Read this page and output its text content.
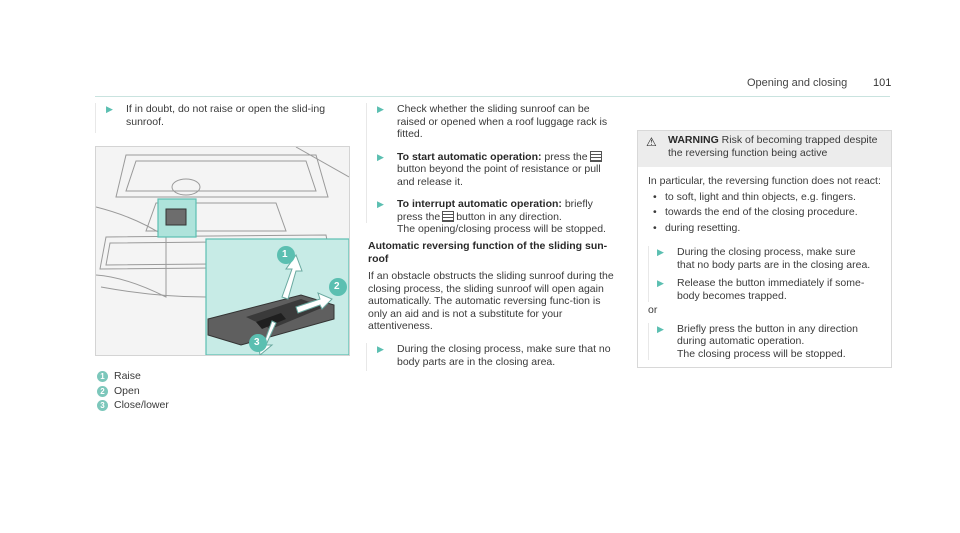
Opening and closing 101
▶	If in doubt, do not raise or open the slid-ing sunroof.
1
2
3
1 Raise
2 Open
3 Close/lower
▶	Check whether the sliding sunroof can be raised or opened when a roof luggage rack is fitted.
▶	To start automatic operation: press thebutton beyond the point of resistance or pull and release it.
▶	To interrupt automatic operation: briefly press the button in any direction.
The opening/closing process will be stopped.
Automatic reversing function of the sliding sun-roof
If an obstacle obstructs the sliding sunroof during the closing process, the sliding sunroof will open again automatically. The automatic reversing func-tion is only an aid and is not a substitute for your attentiveness.
▶	During the closing process, make sure that no body parts are in the closing area.
⚠ WARNING Risk of becoming trapped despite the reversing function being active
In particular, the reversing function does not react:
• to soft, light and thin objects, e.g. fingers.
• towards the end of the closing procedure.
• during resetting.
▶	During the closing process, make sure that no body parts are in the closing area.
▶	Release the button immediately if some-body becomes trapped.
or
▶	Briefly press the button in any direction during automatic operation.
The closing process will be stopped.
